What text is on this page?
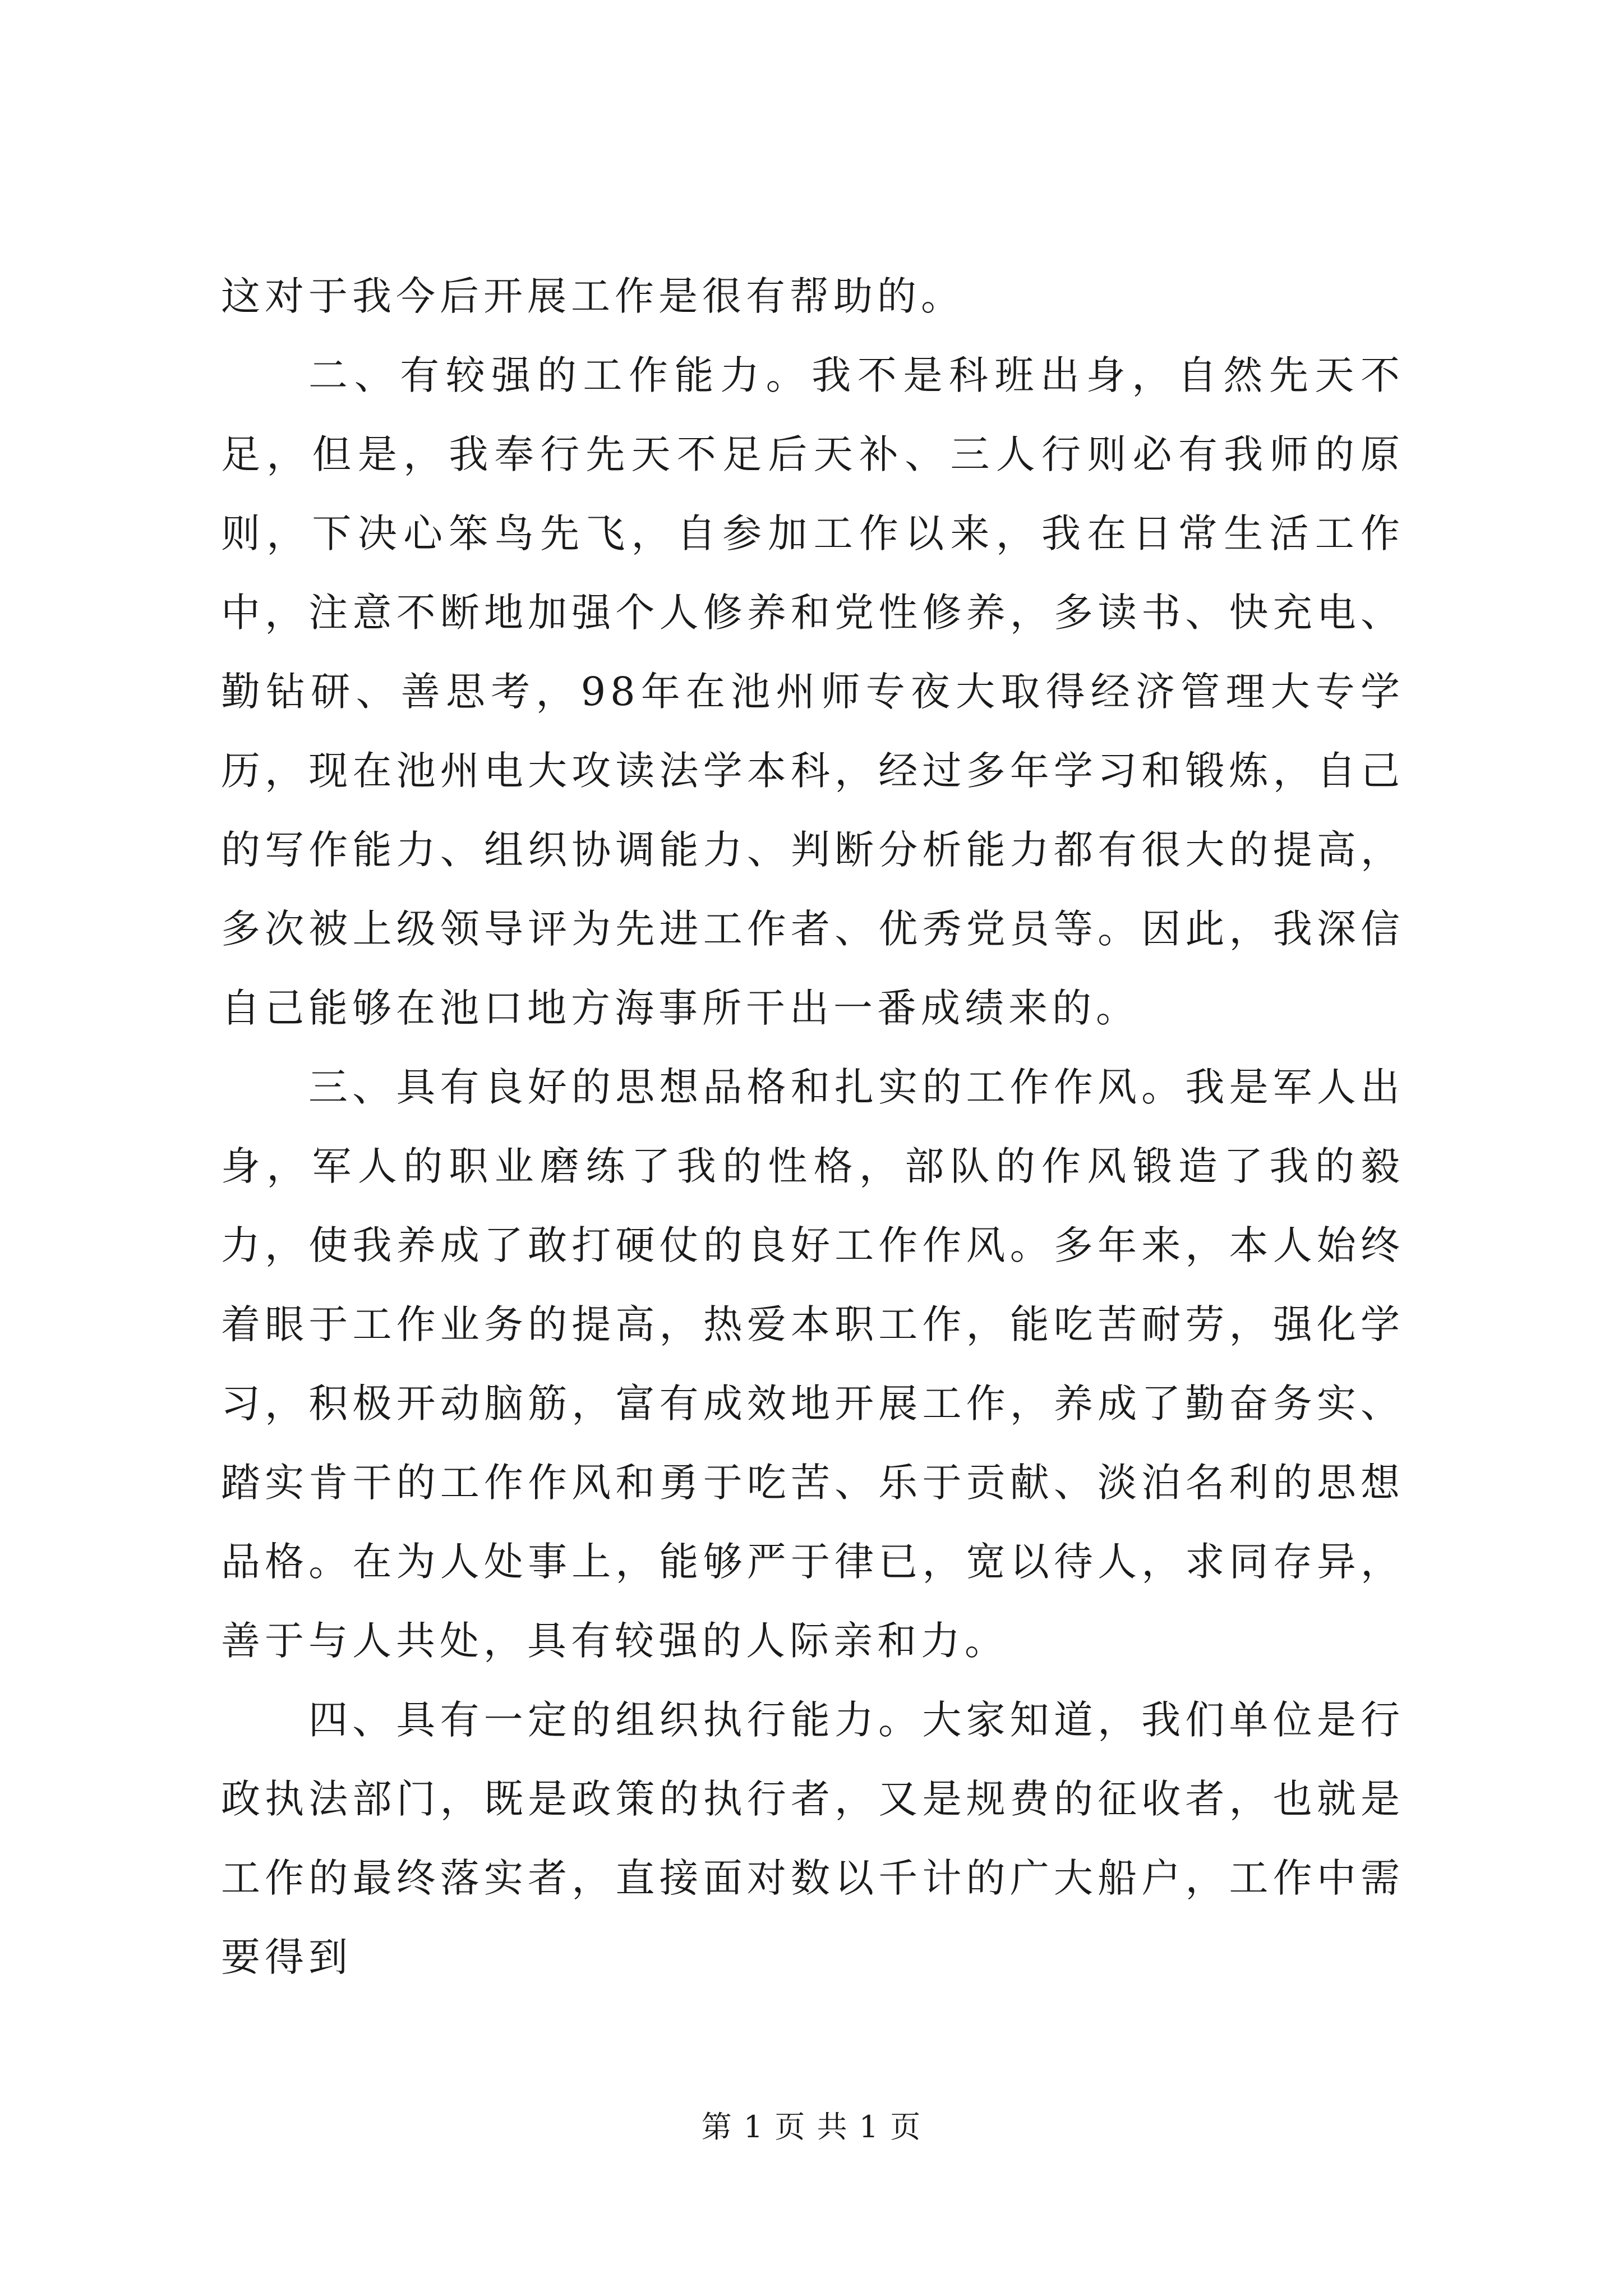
这对于我今后开展工作是很有帮助的。

二、有较强的工作能力。我不是科班出身，自然先天不足，但是，我奉行先天不足后天补、三人行则必有我师的原则，下决心笨鸟先飞，自参加工作以来，我在日常生活工作中，注意不断地加强个人修养和党性修养，多读书、快充电、勤钻研、善思考，98年在池州师专夜大取得经济管理大专学历，现在池州电大攻读法学本科，经过多年学习和锻炼，自己的写作能力、组织协调能力、判断分析能力都有很大的提高，多次被上级领导评为先进工作者、优秀党员等。因此，我深信自己能够在池口地方海事所干出一番成绩来的。

三、具有良好的思想品格和扎实的工作作风。我是军人出身，军人的职业磨练了我的性格，部队的作风锻造了我的毅力，使我养成了敢打硬仗的良好工作作风。多年来，本人始终着眼于工作业务的提高，热爱本职工作，能吃苦耐劳，强化学习，积极开动脑筋，富有成效地开展工作，养成了勤奋务实、踏实肯干的工作作风和勇于吃苦、乐于贡献、淡泊名利的思想品格。在为人处事上，能够严于律已，宽以待人，求同存异，善于与人共处，具有较强的人际亲和力。

四、具有一定的组织执行能力。大家知道，我们单位是行政执法部门，既是政策的执行者，又是规费的征收者，也就是工作的最终落实者，直接面对数以千计的广大船户，工作中需要得到

第 1 页 共 1 页
